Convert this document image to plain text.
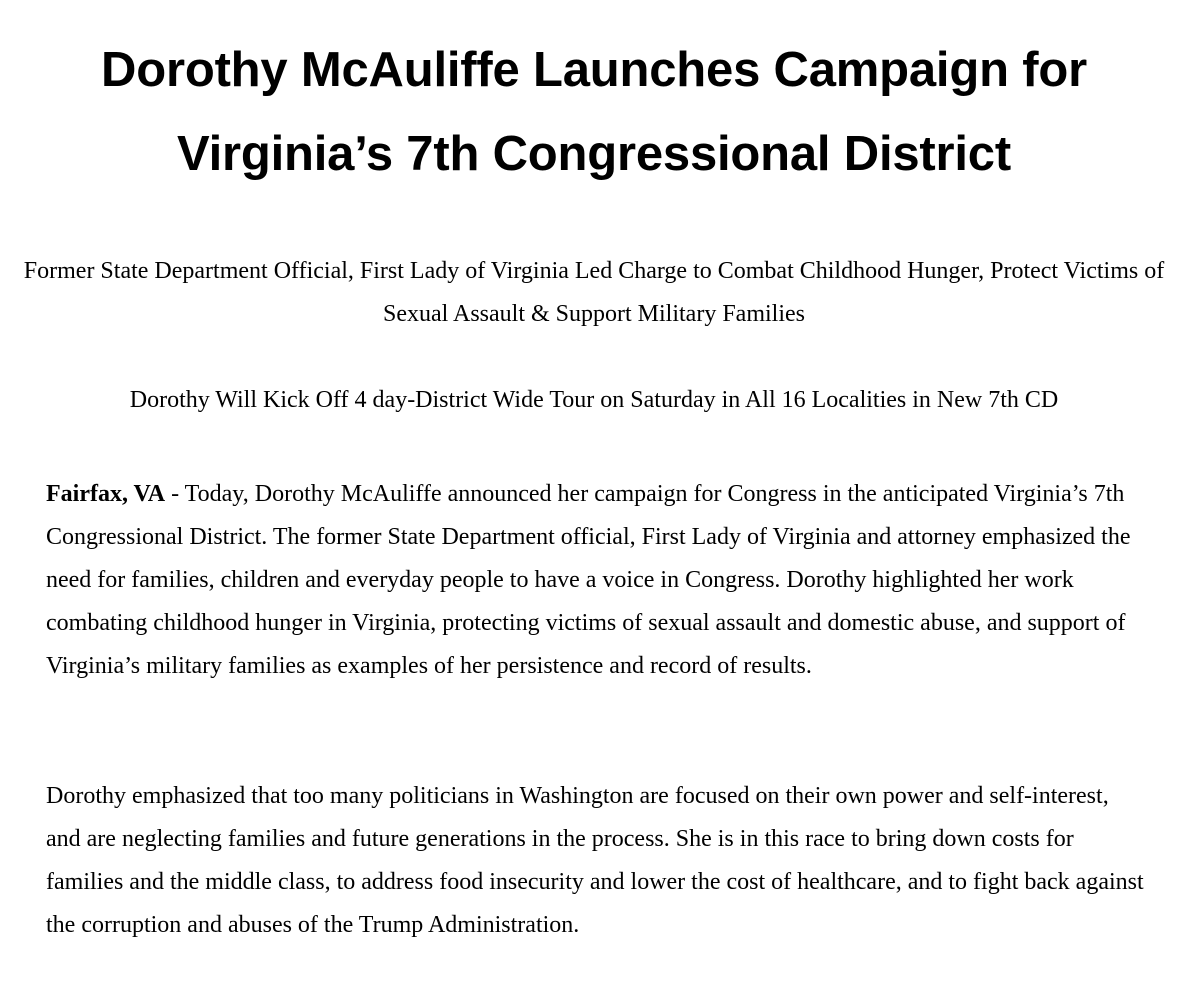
Dorothy McAuliffe Launches Campaign for Virginia’s 7th Congressional District

Former State Department Official, First Lady of Virginia Led Charge to Combat Childhood Hunger, Protect Victims of Sexual Assault & Support Military Families

Dorothy Will Kick Off 4 day-District Wide Tour on Saturday in All 16 Localities in New 7th CD

Fairfax, VA - Today, Dorothy McAuliffe announced her campaign for Congress in the anticipated Virginia’s 7th Congressional District. The former State Department official, First Lady of Virginia and attorney emphasized the need for families, children and everyday people to have a voice in Congress. Dorothy highlighted her work combating childhood hunger in Virginia, protecting victims of sexual assault and domestic abuse, and support of Virginia’s military families as examples of her persistence and record of results.

Dorothy emphasized that too many politicians in Washington are focused on their own power and self-interest, and are neglecting families and future generations in the process. She is in this race to bring down costs for families and the middle class, to address food insecurity and lower the cost of healthcare, and to fight back against the corruption and abuses of the Trump Administration.
